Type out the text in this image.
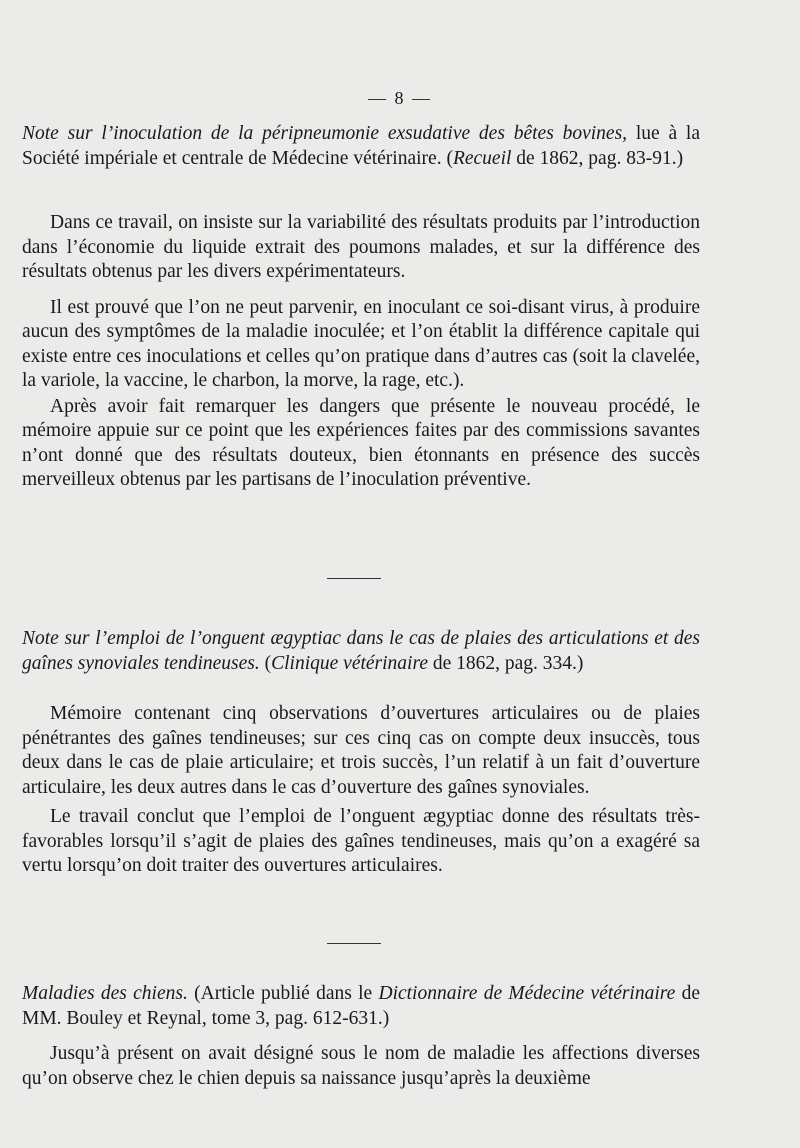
— 8 —

Note sur l’inoculation de la péripneumonie exsudative des bêtes bovines, lue à la Société impériale et centrale de Médecine vétérinaire. (Recueil de 1862, pag. 83-91.)

Dans ce travail, on insiste sur la variabilité des résultats produits par l’introduction dans l’économie du liquide extrait des poumons malades, et sur la différence des résultats obtenus par les divers expérimentateurs.

Il est prouvé que l’on ne peut parvenir, en inoculant ce soi-disant virus, à produire aucun des symptômes de la maladie inoculée; et l’on établit la différence capitale qui existe entre ces inoculations et celles qu’on pratique dans d’autres cas (soit la clavelée, la variole, la vaccine, le charbon, la morve, la rage, etc.).

Après avoir fait remarquer les dangers que présente le nouveau procédé, le mémoire appuie sur ce point que les expériences faites par des commissions savantes n’ont donné que des résultats douteux, bien étonnants en présence des succès merveilleux obtenus par les partisans de l’inoculation préventive.

Note sur l’emploi de l’onguent ægyptiac dans le cas de plaies des articulations et des gaînes synoviales tendineuses. (Clinique vétérinaire de 1862, pag. 334.)

Mémoire contenant cinq observations d’ouvertures articulaires ou de plaies pénétrantes des gaînes tendineuses; sur ces cinq cas on compte deux insuccès, tous deux dans le cas de plaie articulaire; et trois succès, l’un relatif à un fait d’ouverture articulaire, les deux autres dans le cas d’ouverture des gaînes synoviales.

Le travail conclut que l’emploi de l’onguent ægyptiac donne des résultats très-favorables lorsqu’il s’agit de plaies des gaînes tendineuses, mais qu’on a exagéré sa vertu lorsqu’on doit traiter des ouvertures articulaires.

Maladies des chiens. (Article publié dans le Dictionnaire de Médecine vétérinaire de MM. Bouley et Reynal, tome 3, pag. 612-631.)

Jusqu’à présent on avait désigné sous le nom de maladie les affections diverses qu’on observe chez le chien depuis sa naissance jusqu’après la deuxième
